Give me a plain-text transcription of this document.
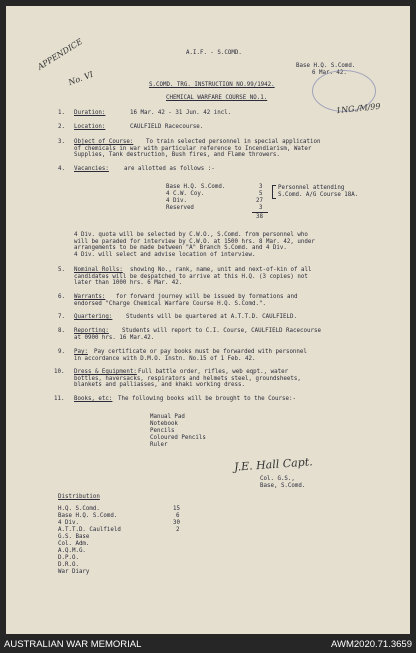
A.I.F. - S.COMD.

Base H.Q. S.Comd.

6 Mar. 42.

APPENDICE
No. VI
1NG./M/99

S.COMD. TRG. INSTRUCTION NO.99/1942.

CHEMICAL WARFARE COURSE NO.1.

1. Duration:	16 Mar. 42 - 31 Jun. 42 incl.

2. Location:	CAULFIELD Racecourse.

3. Object of Course: To train selected personnel in special application

of chemicals in war with particular reference to Incendiarism, Water

Supplies, Tank destruction, Bush fires, and Flame throwers.

4. Vacancies:	are allotted as follows :-

Base H.Q. S.Comd.	3

4 C.W. Coy.	5

4 Div.	27

Reserved	3

38

Personnel attending

S.Comd. A/G Course 18A.

4 Div. quota will be selected by C.W.O., S.Comd. from personnel who

will be paraded for interview by C.W.O. at 1500 hrs. 8 Mar. 42, under

arrangements to be made between "A" Branch S.Comd. and 4 Div.

4 Div. will select and advise location of interview.

5. Nominal Rolls: showing No., rank, name, unit and next-of-kin of all

candidates will be despatched to arrive at this H.Q. (3 copies) not

later than 1000 hrs. 6 Mar. 42.

6. Warrants: for forward journey will be issued by formations and

endorsed "Charge Chemical Warfare Course H.Q. S.Comd.".

7. Quartering: Students will be quartered at A.T.T.D. CAULFIELD.

8. Reporting: Students will report to C.I. Course, CAULFIELD Racecourse

at 0900 hrs. 16 Mar.42.

9. Pay: Pay certificate or pay books must be forwarded with personnel

in accordance with D.M.O. Instn. No.15 of 1 Feb. 42.

10. Dress & Equipment: Full battle order, rifles, web eqpt., water

bottles, haversacks, respirators and helmets steel, groundsheets,

blankets and palliasses, and khaki working dress.

11. Books, etc: The following books will be brought to the Course:-

Manual Pad

Notebook

Pencils

Coloured Pencils

Ruler

J.E. Hall Capt.

Col. G.S.,

Base, S.Comd.

Distribution

H.Q. S.Comd.	15

Base H.Q. S.Comd.	6

4 Div.	30

A.T.T.D. Caulfield	2

G.S. Base

Col. Adm.

A.Q.M.G.

D.P.O.

D.R.O.

War Diary

AUSTRALIAN WAR MEMORIAL	AWM2020.71.3659
